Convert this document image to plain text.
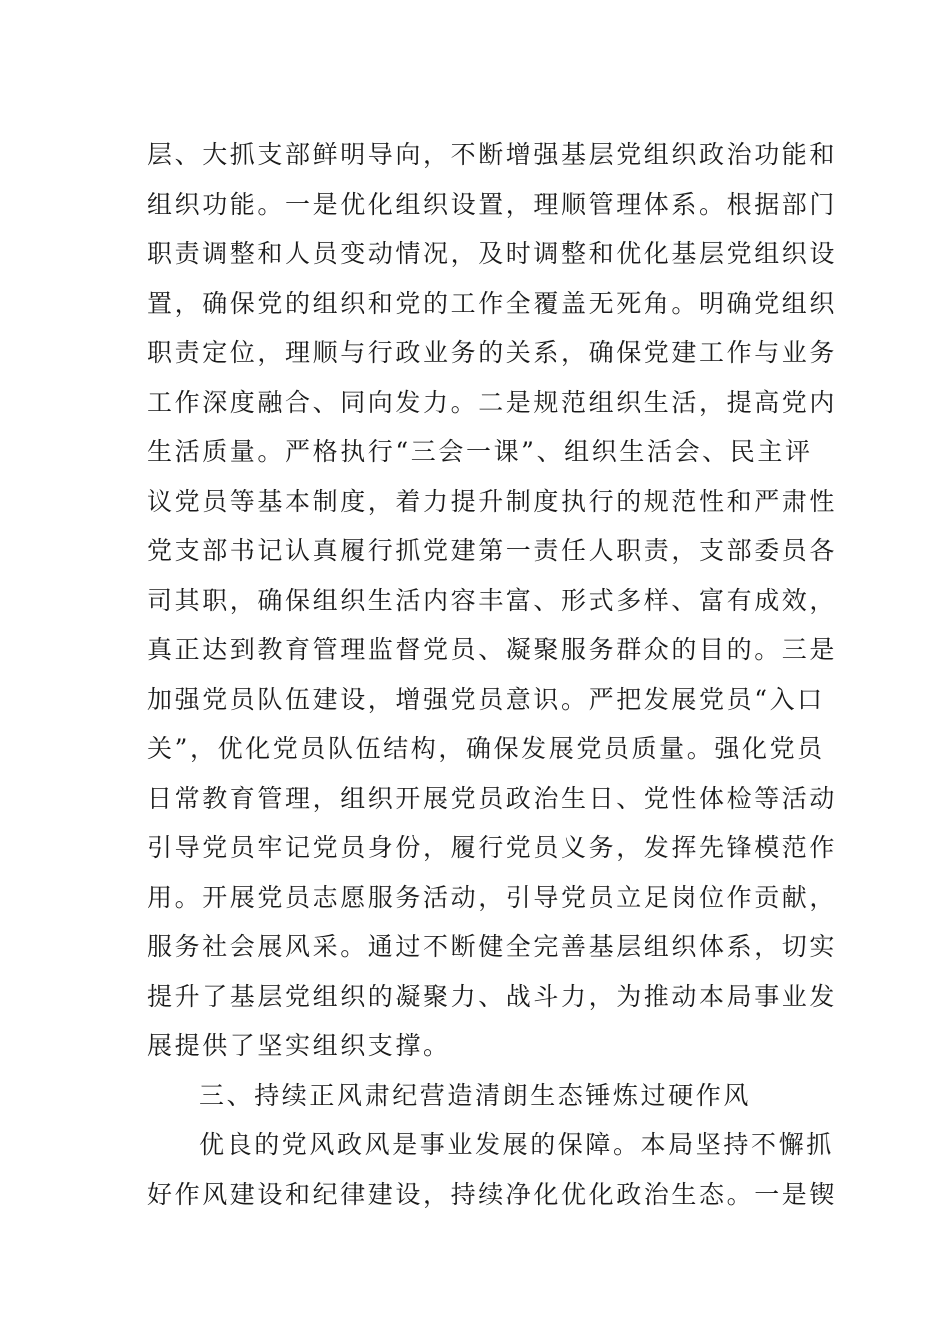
层、大抓支部鲜明导向，不断增强基层党组织政治功能和
组织功能。一是优化组织设置，理顺管理体系。根据部门
职责调整和人员变动情况，及时调整和优化基层党组织设
置，确保党的组织和党的工作全覆盖无死角。明确党组织
职责定位，理顺与行政业务的关系，确保党建工作与业务
工作深度融合、同向发力。二是规范组织生活，提高党内
生活质量。严格执行“三会一课”、组织生活会、民主评
议党员等基本制度，着力提升制度执行的规范性和严肃性
党支部书记认真履行抓党建第一责任人职责，支部委员各
司其职，确保组织生活内容丰富、形式多样、富有成效，
真正达到教育管理监督党员、凝聚服务群众的目的。三是
加强党员队伍建设，增强党员意识。严把发展党员“入口
关”，优化党员队伍结构，确保发展党员质量。强化党员
日常教育管理，组织开展党员政治生日、党性体检等活动
引导党员牢记党员身份，履行党员义务，发挥先锋模范作
用。开展党员志愿服务活动，引导党员立足岗位作贡献，
服务社会展风采。通过不断健全完善基层组织体系，切实
提升了基层党组织的凝聚力、战斗力，为推动本局事业发
展提供了坚实组织支撑。
三、持续正风肃纪营造清朗生态锤炼过硬作风
优良的党风政风是事业发展的保障。本局坚持不懈抓
好作风建设和纪律建设，持续净化优化政治生态。一是锲
